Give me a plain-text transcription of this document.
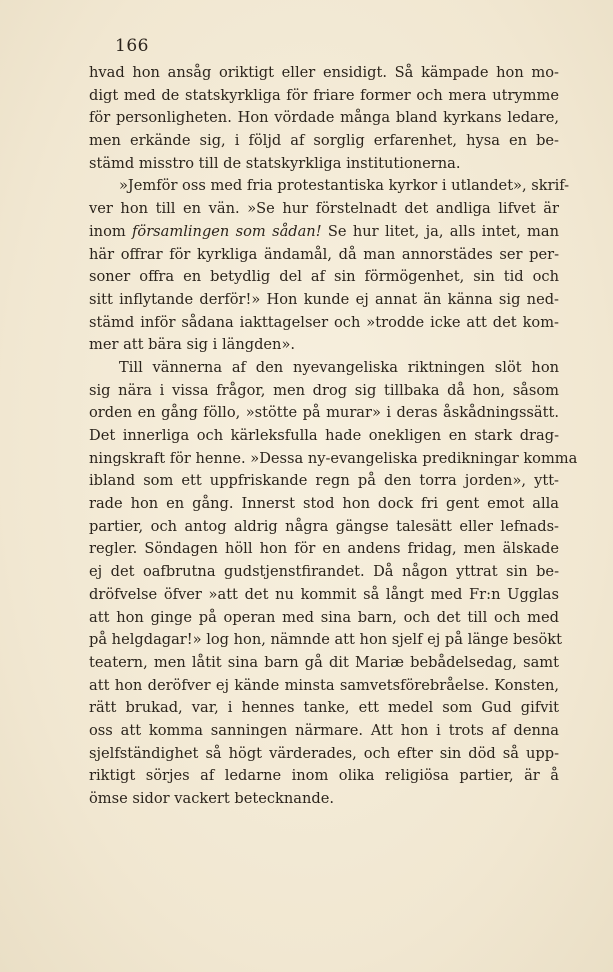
166
hvad hon ansåg oriktigt eller ensidigt. Så kämpade hon mo-
digt med de statskyrkliga för friare former och mera utrymme
för personligheten. Hon vördade många bland kyrkans ledare,
men erkände sig, i följd af sorglig erfarenhet, hysa en be-
stämd misstro till de statskyrkliga institutionerna.
»Jemför oss med fria protestantiska kyrkor i utlandet», skrif-
ver hon till en vän. »Se hur förstelnadt det andliga lifvet är
inom församlingen som sådan! Se hur litet, ja, alls intet, man
här offrar för kyrkliga ändamål, då man annorstädes ser per-
soner offra en betydlig del af sin förmögenhet, sin tid och
sitt inflytande derför!» Hon kunde ej annat än känna sig ned-
stämd inför sådana iakttagelser och »trodde icke att det kom-
mer att bära sig i längden».
Till vännerna af den nyevangeliska riktningen slöt hon
sig nära i vissa frågor, men drog sig tillbaka då hon, såsom
orden en gång föllo, »stötte på murar» i deras åskådningssätt.
Det innerliga och kärleksfulla hade onekligen en stark drag-
ningskraft för henne. »Dessa ny-evangeliska predikningar komma
ibland som ett uppfriskande regn på den torra jorden», ytt-
rade hon en gång. Innerst stod hon dock fri gent emot alla
partier, och antog aldrig några gängse talesätt eller lefnads-
regler. Söndagen höll hon för en andens fridag, men älskade
ej det oafbrutna gudstjenstfirandet. Då någon yttrat sin be-
dröfvelse öfver »att det nu kommit så långt med Fr:n Ugglas
att hon ginge på operan med sina barn, och det till och med
på helgdagar!» log hon, nämnde att hon sjelf ej på länge besökt
teatern, men låtit sina barn gå dit Mariæ bebådelsedag, samt
att hon deröfver ej kände minsta samvetsförebråelse. Konsten,
rätt brukad, var, i hennes tanke, ett medel som Gud gifvit
oss att komma sanningen närmare. Att hon i trots af denna
sjelfständighet så högt värderades, och efter sin död så upp-
riktigt sörjes af ledarne inom olika religiösa partier, är å
ömse sidor vackert betecknande.
